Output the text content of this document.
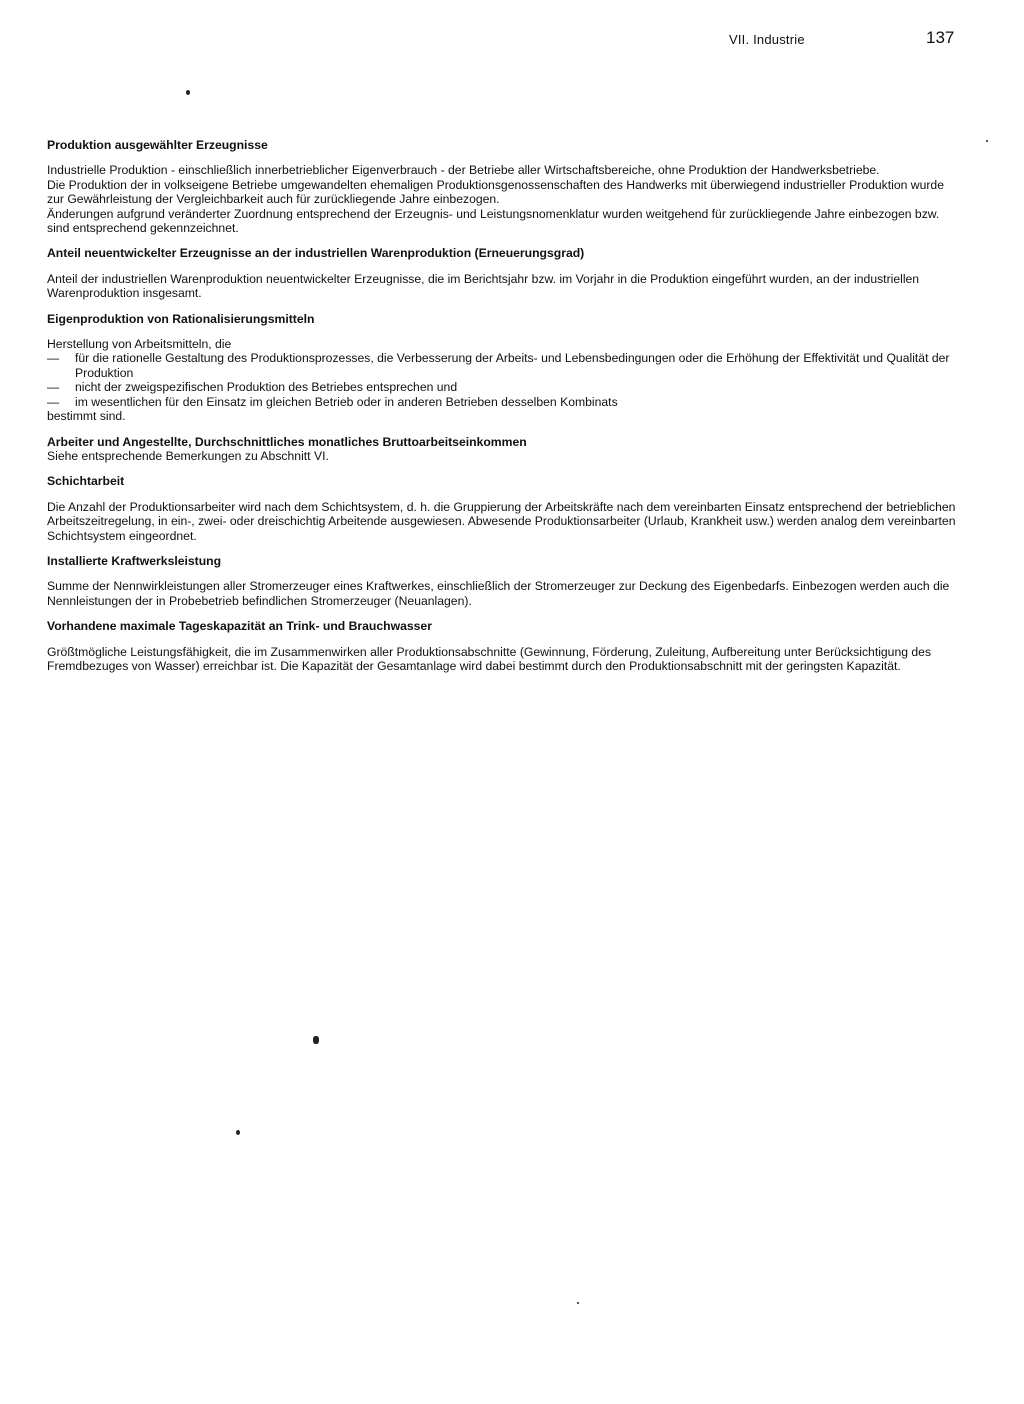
VII. Industrie	137
Produktion ausgewählter Erzeugnisse

Industrielle Produktion - einschließlich innerbetrieblicher Eigenverbrauch - der Betriebe aller Wirtschaftsbereiche, ohne Produktion der Handwerksbetriebe.

Die Produktion der in volkseigene Betriebe umgewandelten ehemaligen Produktionsgenossenschaften des Handwerks mit überwiegend industrieller Produktion wurde zur Gewährleistung der Vergleichbarkeit auch für zurückliegende Jahre einbezogen.

Änderungen aufgrund veränderter Zuordnung entsprechend der Erzeugnis- und Leistungsnomenklatur wurden weitgehend für zurückliegende Jahre einbezogen bzw. sind entsprechend gekennzeichnet.

Anteil neuentwickelter Erzeugnisse an der industriellen Warenproduktion (Erneuerungsgrad)

Anteil der industriellen Warenproduktion neuentwickelter Erzeugnisse, die im Berichtsjahr bzw. im Vorjahr in die Produktion eingeführt wurden, an der industriellen Warenproduktion insgesamt.

Eigenproduktion von Rationalisierungsmitteln

Herstellung von Arbeitsmitteln, die

— für die rationelle Gestaltung des Produktionsprozesses, die Verbesserung der Arbeits- und Lebensbedingungen oder die Erhöhung der Effektivität und Qualität der Produktion
— nicht der zweigspezifischen Produktion des Betriebes entsprechen und
— im wesentlichen für den Einsatz im gleichen Betrieb oder in anderen Betrieben desselben Kombinats

bestimmt sind.

Arbeiter und Angestellte, Durchschnittliches monatliches Bruttoarbeitseinkommen

Siehe entsprechende Bemerkungen zu Abschnitt VI.

Schichtarbeit

Die Anzahl der Produktionsarbeiter wird nach dem Schichtsystem, d. h. die Gruppierung der Arbeitskräfte nach dem vereinbarten Einsatz entsprechend der betrieblichen Arbeitszeitregelung, in ein-, zwei- oder dreischichtig Arbeitende ausgewiesen. Abwesende Produktionsarbeiter (Urlaub, Krankheit usw.) werden analog dem vereinbarten Schichtsystem eingeordnet.

Installierte Kraftwerksleistung

Summe der Nennwirkleistungen aller Stromerzeuger eines Kraftwerkes, einschließlich der Stromerzeuger zur Deckung des Eigenbedarfs. Einbezogen werden auch die Nennleistungen der in Probebetrieb befindlichen Stromerzeuger (Neuanlagen).

Vorhandene maximale Tageskapazität an Trink- und Brauchwasser

Größtmögliche Leistungsfähigkeit, die im Zusammenwirken aller Produktionsabschnitte (Gewinnung, Förderung, Zuleitung, Aufbereitung unter Berücksichtigung des Fremdbezuges von Wasser) erreichbar ist. Die Kapazität der Gesamtanlage wird dabei bestimmt durch den Produktionsabschnitt mit der geringsten Kapazität.
